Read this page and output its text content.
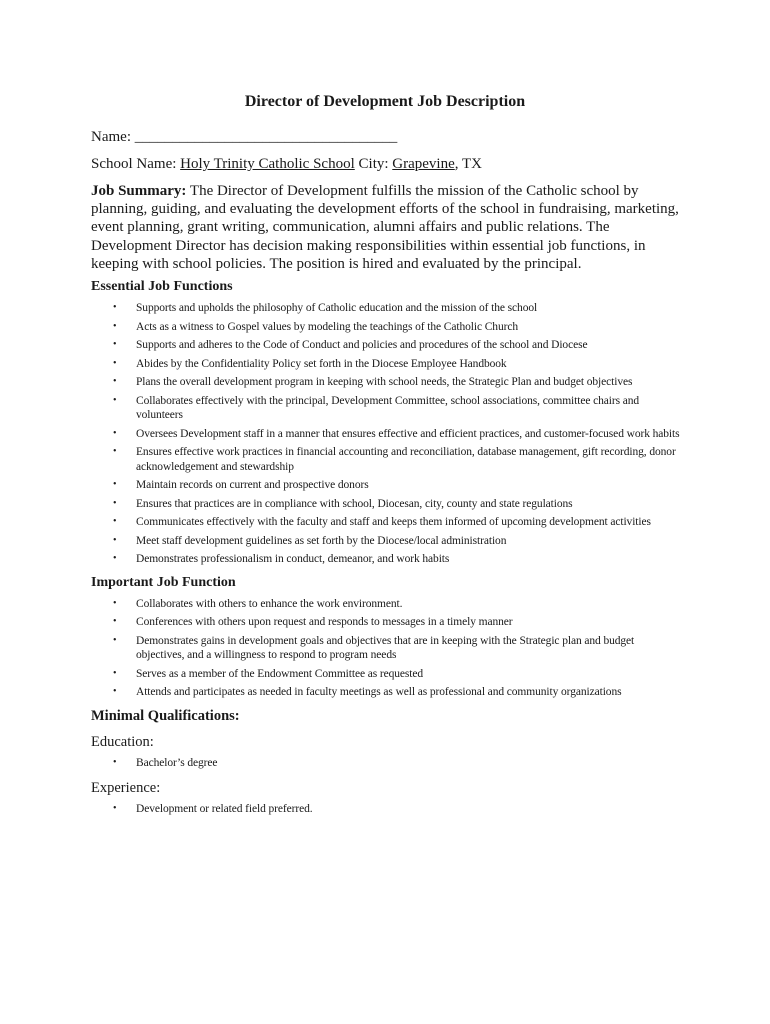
Director of Development Job Description

Name: ___________________________________

School Name: Holy Trinity Catholic School City: Grapevine, TX

Job Summary: The Director of Development fulfills the mission of the Catholic school by planning, guiding, and evaluating the development efforts of the school in fundraising, marketing, event planning, grant writing, communication, alumni affairs and public relations. The Development Director has decision making responsibilities within essential job functions, in keeping with school policies. The position is hired and evaluated by the principal.

Essential Job Functions
• Supports and upholds the philosophy of Catholic education and the mission of the school
• Acts as a witness to Gospel values by modeling the teachings of the Catholic Church
• Supports and adheres to the Code of Conduct and policies and procedures of the school and Diocese
• Abides by the Confidentiality Policy set forth in the Diocese Employee Handbook
• Plans the overall development program in keeping with school needs, the Strategic Plan and budget objectives
• Collaborates effectively with the principal, Development Committee, school associations, committee chairs and volunteers
• Oversees Development staff in a manner that ensures effective and efficient practices, and customer-focused work habits
• Ensures effective work practices in financial accounting and reconciliation, database management, gift recording, donor acknowledgement and stewardship
• Maintain records on current and prospective donors
• Ensures that practices are in compliance with school, Diocesan, city, county and state regulations
• Communicates effectively with the faculty and staff and keeps them informed of upcoming development activities
• Meet staff development guidelines as set forth by the Diocese/local administration
• Demonstrates professionalism in conduct, demeanor, and work habits
Important Job Function
• Collaborates with others to enhance the work environment.
• Conferences with others upon request and responds to messages in a timely manner
• Demonstrates gains in development goals and objectives that are in keeping with the Strategic plan and budget objectives, and a willingness to respond to program needs
• Serves as a member of the Endowment Committee as requested
• Attends and participates as needed in faculty meetings as well as professional and community organizations
Minimal Qualifications:

Education:

• Bachelor’s degree

Experience:

• Development or related field preferred.
